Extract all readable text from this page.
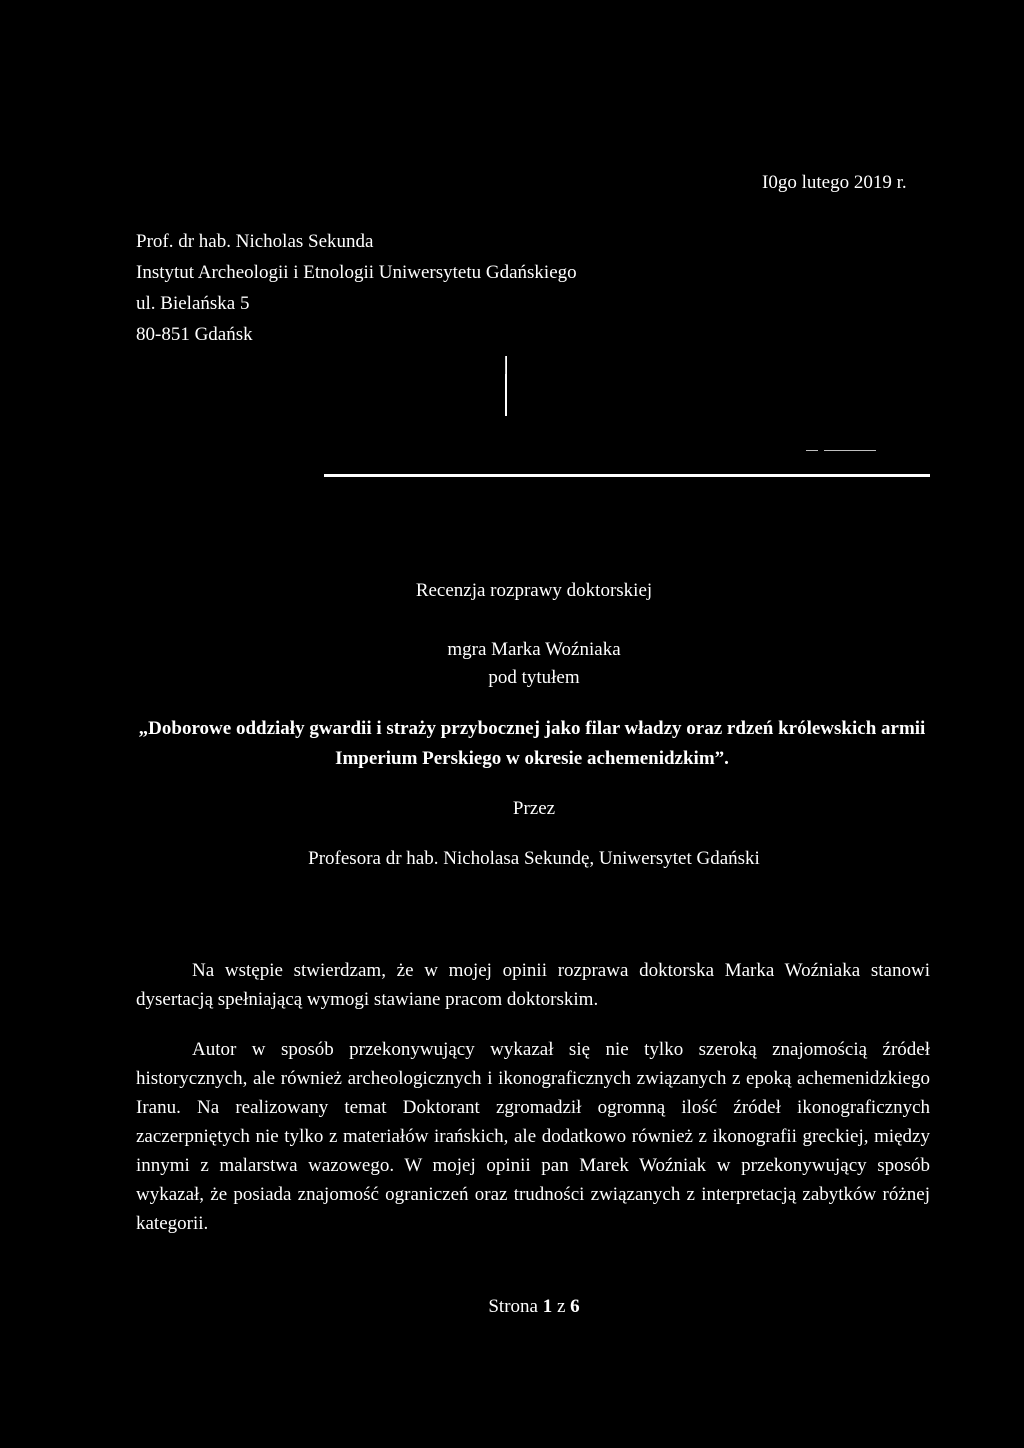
I0go lutego 2019 r.
Prof. dr hab. Nicholas Sekunda
Instytut Archeologii i Etnologii Uniwersytetu Gdańskiego
ul. Bielańska 5
80-851 Gdańsk
Recenzja rozprawy doktorskiej
mgra Marka Woźniaka
pod tytułem
„Doborowe oddziały gwardii i straży przybocznej jako filar władzy oraz rdzeń królewskich armii Imperium Perskiego w okresie achemenidzkim”.
Przez
Profesora dr hab. Nicholasa Sekundę, Uniwersytet Gdański
Na wstępie stwierdzam, że w mojej opinii rozprawa doktorska Marka Woźniaka stanowi dysertacją spełniającą wymogi stawiane pracom doktorskim.
Autor w sposób przekonywujący wykazał się nie tylko szeroką znajomością źródeł historycznych, ale również archeologicznych i ikonograficznych związanych z epoką achemenidzkiego Iranu. Na realizowany temat Doktorant zgromadził ogromną ilość źródeł ikonograficznych zaczerpniętych nie tylko z materiałów irańskich, ale dodatkowo również z ikonografii greckiej, między innymi z malarstwa wazowego. W mojej opinii pan Marek Woźniak w przekonywujący sposób wykazał, że posiada znajomość ograniczeń oraz trudności związanych z interpretacją zabytków różnej kategorii.
Strona 1 z 6
